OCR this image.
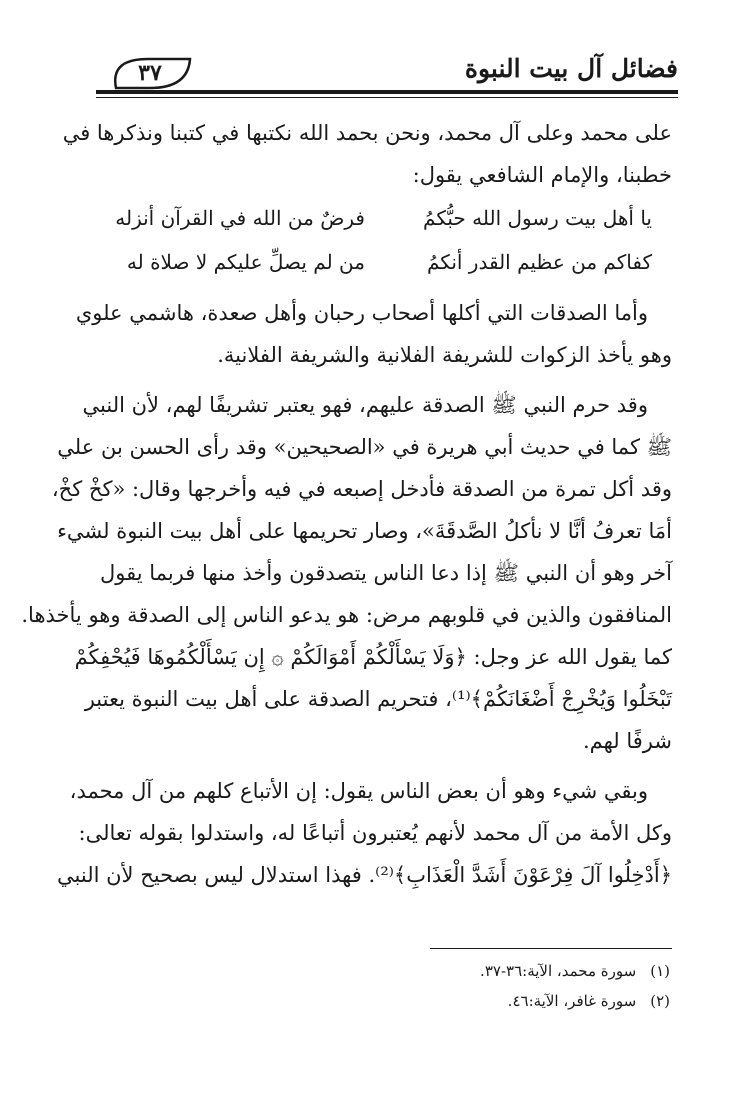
فضائل آل بيت النبوة
٣٧
على محمد وعلى آل محمد، ونحن بحمد الله نكتبها في كتبنا ونذكرها في
خطبنا، والإمام الشافعي يقول:
يا أهل بيت رسول الله حبُّكمُ
فرضٌ من الله في القرآن أنزله
كفاكم من عظيم القدر أنكمُ
من لم يصلِّ عليكم لا صلاة له
وأما الصدقات التي أكلها أصحاب رحبان وأهل صعدة، هاشمي علوي
وهو يأخذ الزكوات للشريفة الفلانية والشريفة الفلانية.
وقد حرم النبي ﷺ الصدقة عليهم، فهو يعتبر تشريفًا لهم، لأن النبي
ﷺ كما في حديث أبي هريرة في «الصحيحين» وقد رأى الحسن بن علي
وقد أكل تمرة من الصدقة فأدخل إصبعه في فيه وأخرجها وقال: «كخْ كخْ،
أمَا تعرفُ أنَّا لا نأكلُ الصَّدقَةَ»، وصار تحريمها على أهل بيت النبوة لشيء
آخر وهو أن النبي ﷺ إذا دعا الناس يتصدقون وأخذ منها فربما يقول
المنافقون والذين في قلوبهم مرض: هو يدعو الناس إلى الصدقة وهو يأخذها.
كما يقول الله عز وجل: ﴿وَلَا يَسْأَلْكُمْ أَمْوَالَكُمْ ۞ إِن يَسْأَلْكُمُوهَا فَيُحْفِكُمْ
تَبْخَلُوا وَيُخْرِجْ أَضْغَانَكُمْ﴾⁽¹⁾، فتحريم الصدقة على أهل بيت النبوة يعتبر
شرفًا لهم.
وبقي شيء وهو أن بعض الناس يقول: إن الأتباع كلهم من آل محمد،
وكل الأمة من آل محمد لأنهم يُعتبرون أتباعًا له، واستدلوا بقوله تعالى:
﴿أَدْخِلُوا آلَ فِرْعَوْنَ أَشَدَّ الْعَذَابِ﴾⁽²⁾. فهذا استدلال ليس بصحيح لأن النبي
(١)سورة محمد، الآية:٣٦-٣٧.
(٢)سورة غافر، الآية:٤٦.
